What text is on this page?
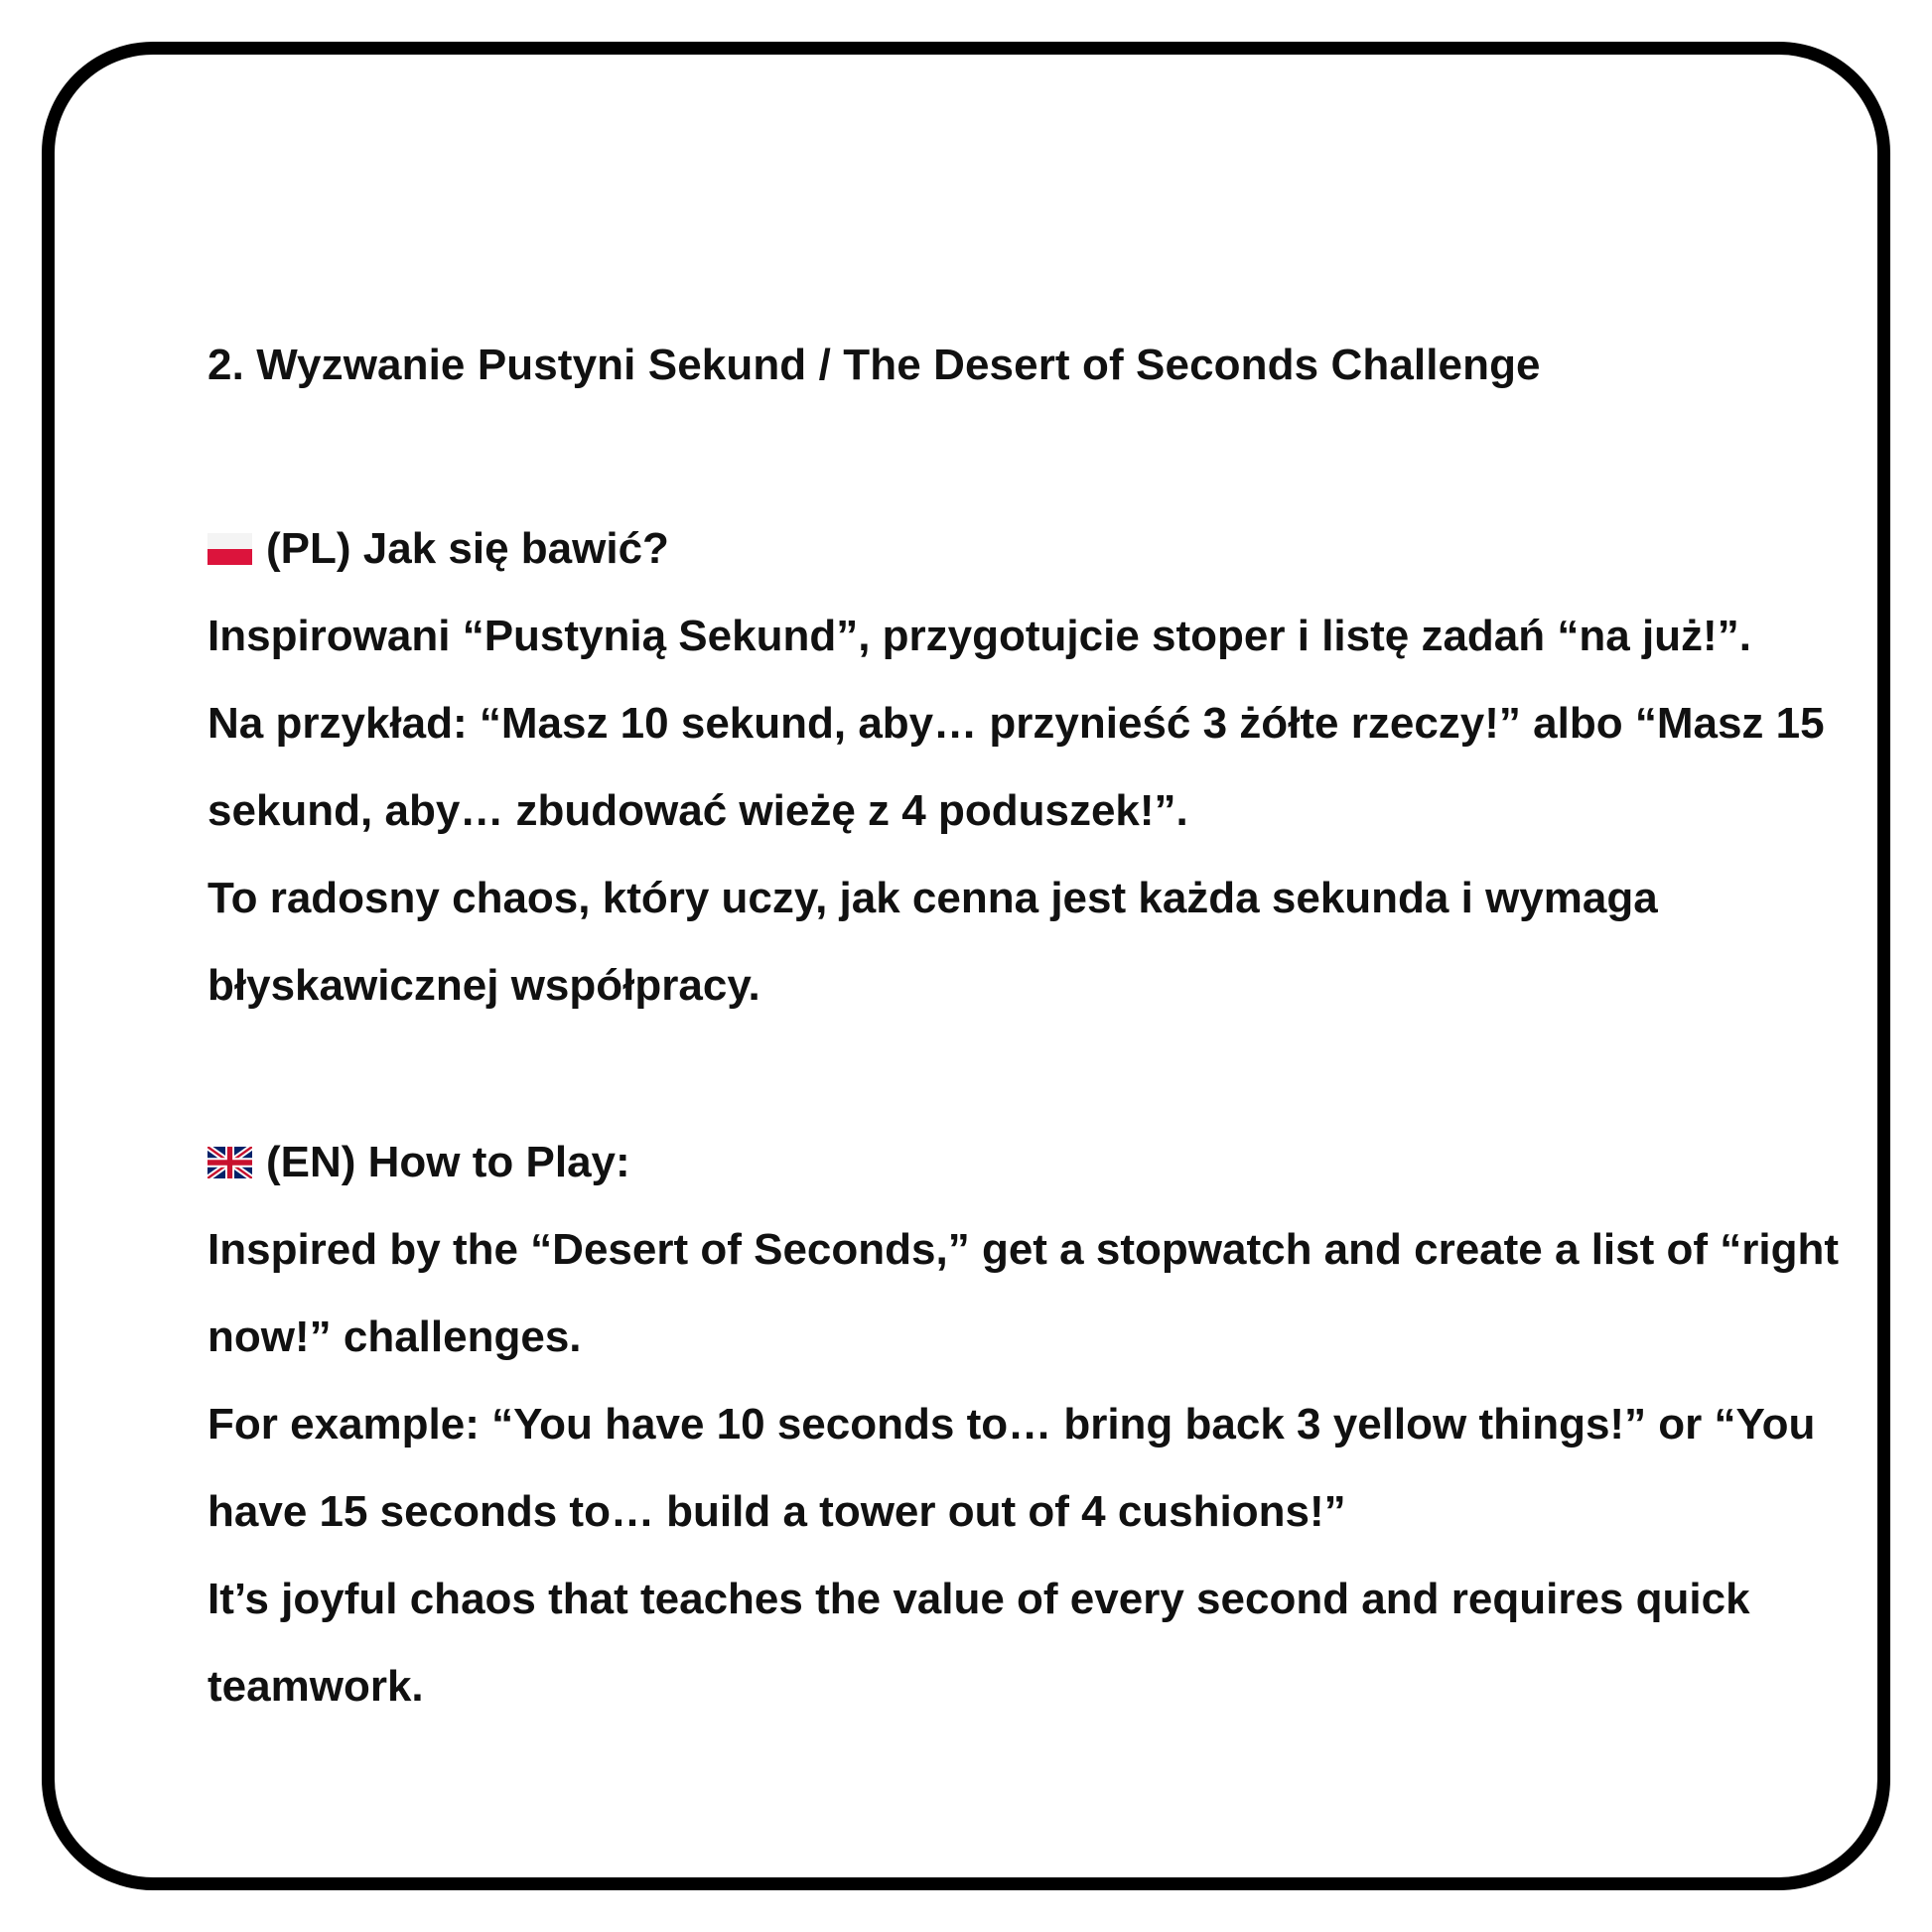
2. Wyzwanie Pustyni Sekund / The Desert of Seconds Challenge
(PL) Jak się bawić?

Inspirowani “Pustynią Sekund”, przygotujcie stoper i listę zadań “na już!”.

Na przykład: “Masz 10 sekund, aby… przynieść 3 żółte rzeczy!” albo “Masz 15 sekund, aby… zbudować wieżę z 4 poduszek!”.

To radosny chaos, który uczy, jak cenna jest każda sekunda i wymaga błyskawicznej współpracy.

(EN) How to Play:

Inspired by the “Desert of Seconds,” get a stopwatch and create a list of “right now!” challenges.

For example: “You have 10 seconds to… bring back 3 yellow things!” or “You have 15 seconds to… build a tower out of 4 cushions!”

It’s joyful chaos that teaches the value of every second and requires quick teamwork.
